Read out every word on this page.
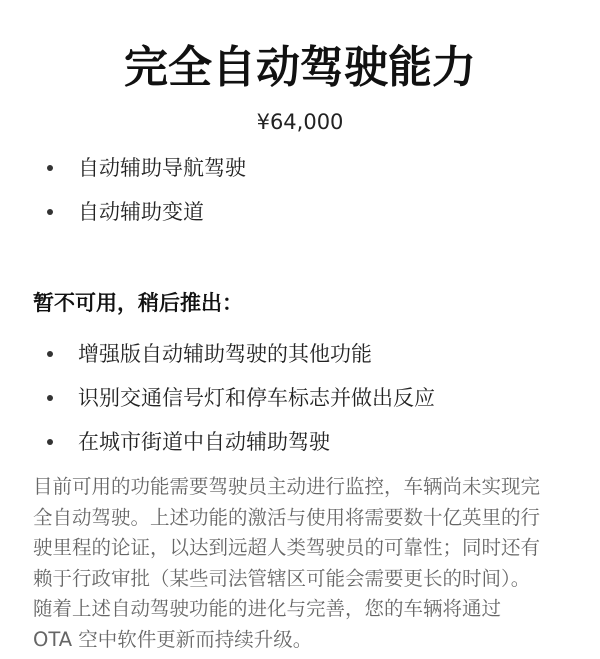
完全自动驾驶能力
¥64,000
自动辅助导航驾驶
自动辅助变道
暂不可用，稍后推出：
增强版自动辅助驾驶的其他功能
识别交通信号灯和停车标志并做出反应
在城市街道中自动辅助驾驶
目前可用的功能需要驾驶员主动进行监控，车辆尚未实现完
全自动驾驶。上述功能的激活与使用将需要数十亿英里的行
驶里程的论证，以达到远超人类驾驶员的可靠性；同时还有
赖于行政审批（某些司法管辖区可能会需要更长的时间）。
随着上述自动驾驶功能的进化与完善，您的车辆将通过
OTA 空中软件更新而持续升级。
